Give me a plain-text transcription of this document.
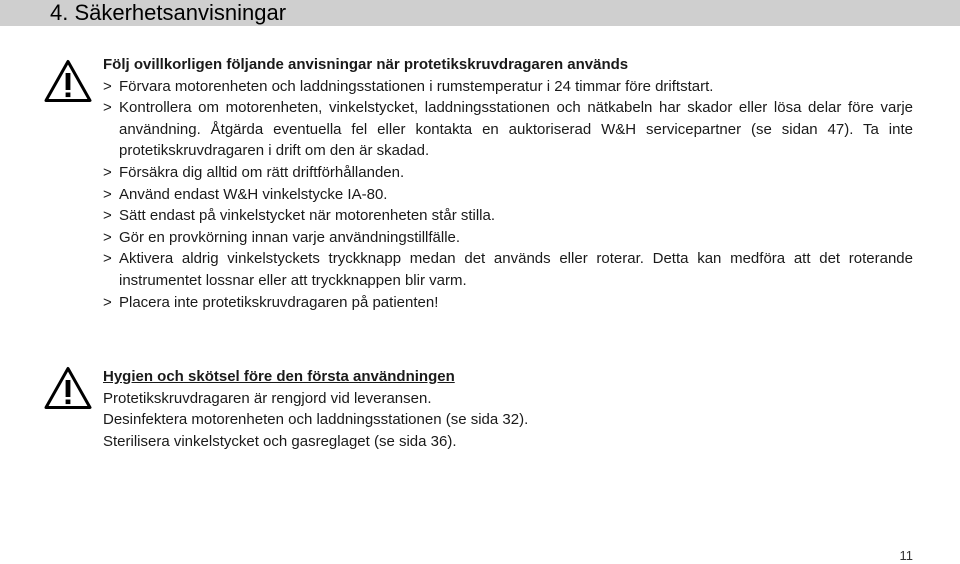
4. Säkerhetsanvisningar
Följ ovillkorligen följande anvisningar när protetikskruvdragaren används
> Förvara motorenheten och laddningsstationen i rumstemperatur i 24 timmar före driftstart.
> Kontrollera om motorenheten, vinkelstycket, laddningsstationen och nätkabeln har skador eller lösa delar före varje användning. Åtgärda eventuella fel eller kontakta en auktoriserad W&H servicepartner (se sidan 47). Ta inte protetikskruvdragaren i drift om den är skadad.
> Försäkra dig alltid om rätt driftförhållanden.
> Använd endast W&H vinkelstycke IA-80.
> Sätt endast på vinkelstycket när motorenheten står stilla.
> Gör en provkörning innan varje användningstillfälle.
> Aktivera aldrig vinkelstyckets tryckknapp medan det används eller roterar. Detta kan medföra att det roterande instrumentet lossnar eller att tryckknappen blir varm.
> Placera inte protetikskruvdragaren på patienten!
Hygien och skötsel före den första användningen
Protetikskruvdragaren är rengjord vid leveransen.
Desinfektera motorenheten och laddningsstationen (se sida 32).
Sterilisera vinkelstycket och gasreglaget (se sida 36).
11
